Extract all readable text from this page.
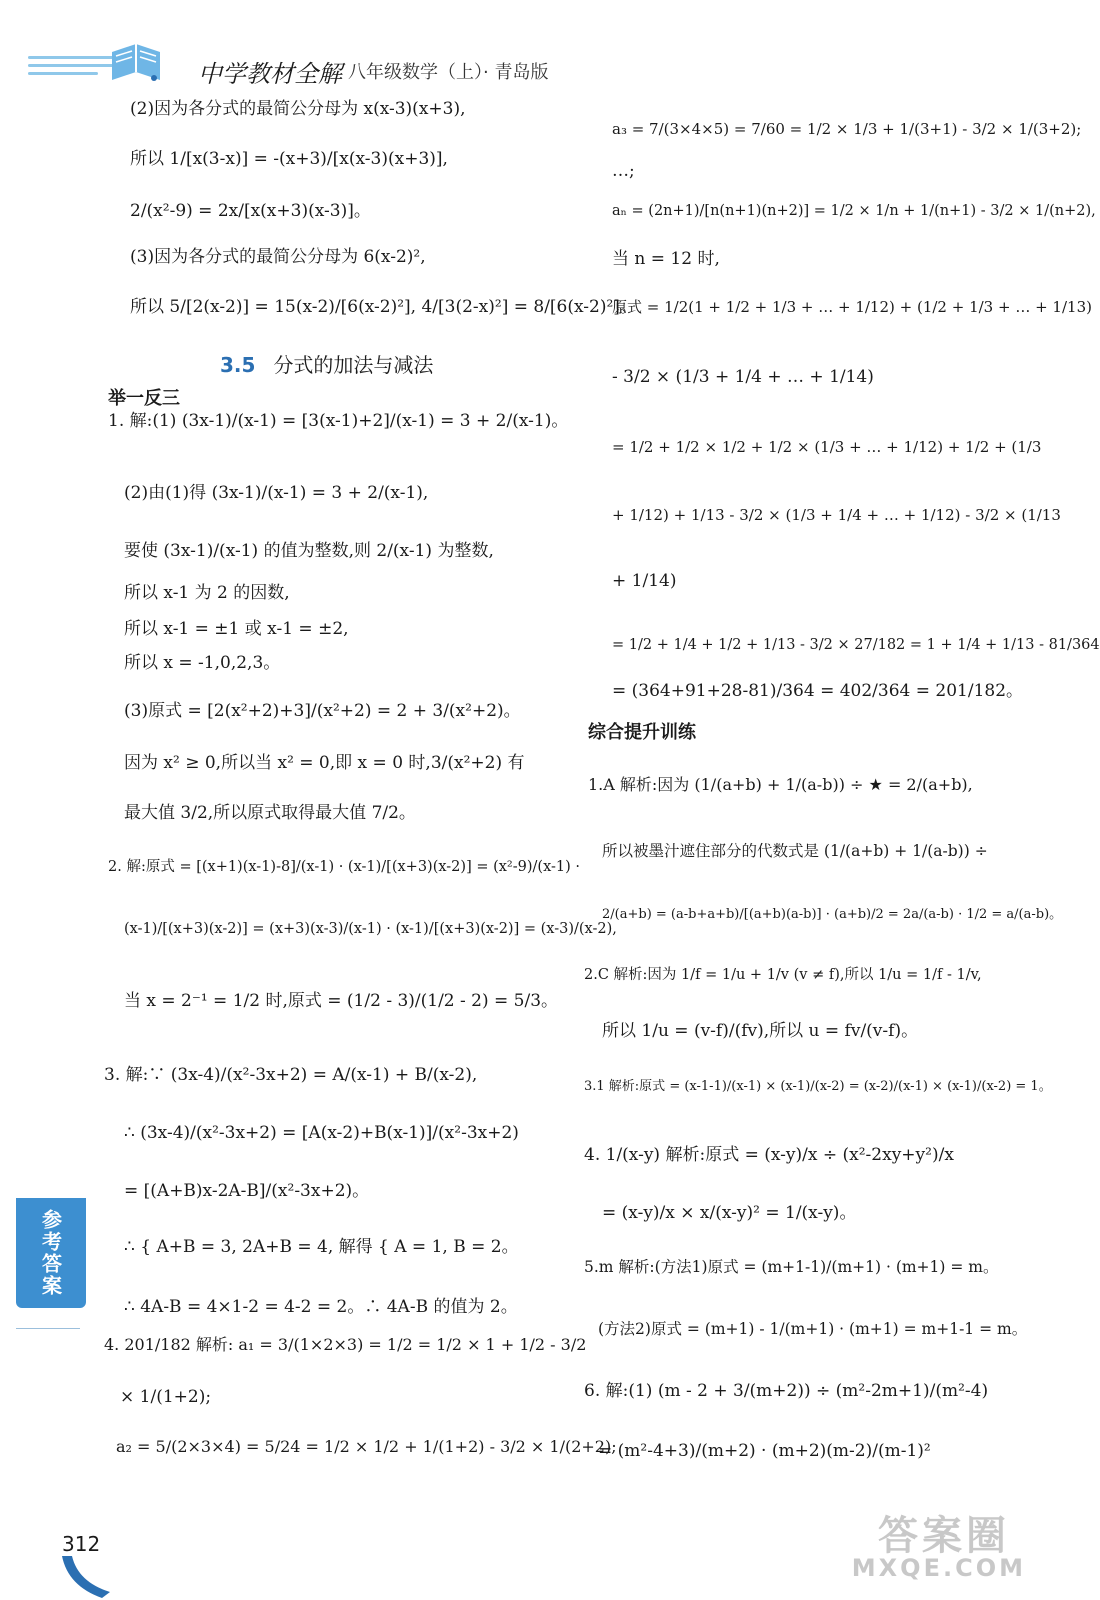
中学教材全解 八年级数学（上）· 青岛版
(2)因为各分式的最简公分母为 x(x-3)(x+3),
所以 1/[x(3-x)] = -(x+3)/[x(x-3)(x+3)],
2/(x²-9) = 2x/[x(x+3)(x-3)]。
(3)因为各分式的最简公分母为 6(x-2)²,
所以 5/[2(x-2)] = 15(x-2)/[6(x-2)²], 4/[3(2-x)²] = 8/[6(x-2)²]。
3.5 分式的加法与减法
举一反三
1. 解:(1) (3x-1)/(x-1) = [3(x-1)+2]/(x-1) = 3 + 2/(x-1)。
(2)由(1)得 (3x-1)/(x-1) = 3 + 2/(x-1),
要使 (3x-1)/(x-1) 的值为整数,则 2/(x-1) 为整数,
所以 x-1 为 2 的因数,
所以 x-1 = ±1 或 x-1 = ±2,
所以 x = -1,0,2,3。
(3)原式 = [2(x²+2)+3]/(x²+2) = 2 + 3/(x²+2)。
因为 x² ≥ 0,所以当 x² = 0,即 x = 0 时,3/(x²+2) 有
最大值 3/2,所以原式取得最大值 7/2。
2. 解:原式 = [(x+1)(x-1)-8]/(x-1) · (x-1)/[(x+3)(x-2)] = (x²-9)/(x-1) ·
(x-1)/[(x+3)(x-2)] = (x+3)(x-3)/(x-1) · (x-1)/[(x+3)(x-2)] = (x-3)/(x-2),
当 x = 2⁻¹ = 1/2 时,原式 = (1/2 - 3)/(1/2 - 2) = 5/3。
3. 解:∵ (3x-4)/(x²-3x+2) = A/(x-1) + B/(x-2),
∴ (3x-4)/(x²-3x+2) = [A(x-2)+B(x-1)]/(x²-3x+2)
= [(A+B)x-2A-B]/(x²-3x+2)。
∴ { A+B = 3, 2A+B = 4, 解得 { A = 1, B = 2。
∴ 4A-B = 4×1-2 = 4-2 = 2。∴ 4A-B 的值为 2。
4. 201/182 解析: a₁ = 3/(1×2×3) = 1/2 = 1/2 × 1 + 1/2 - 3/2
× 1/(1+2);
a₂ = 5/(2×3×4) = 5/24 = 1/2 × 1/2 + 1/(1+2) - 3/2 × 1/(2+2);
a₃ = 7/(3×4×5) = 7/60 = 1/2 × 1/3 + 1/(3+1) - 3/2 × 1/(3+2);
…;
aₙ = (2n+1)/[n(n+1)(n+2)] = 1/2 × 1/n + 1/(n+1) - 3/2 × 1/(n+2),
当 n = 12 时,
原式 = 1/2(1 + 1/2 + 1/3 + … + 1/12) + (1/2 + 1/3 + … + 1/13)
- 3/2 × (1/3 + 1/4 + … + 1/14)
= 1/2 + 1/2 × 1/2 + 1/2 × (1/3 + … + 1/12) + 1/2 + (1/3
+ 1/12) + 1/13 - 3/2 × (1/3 + 1/4 + … + 1/12) - 3/2 × (1/13
+ 1/14)
= 1/2 + 1/4 + 1/2 + 1/13 - 3/2 × 27/182 = 1 + 1/4 + 1/13 - 81/364
= (364+91+28-81)/364 = 402/364 = 201/182。
综合提升训练
1.A 解析:因为 (1/(a+b) + 1/(a-b)) ÷ ★ = 2/(a+b),
所以被墨汁遮住部分的代数式是 (1/(a+b) + 1/(a-b)) ÷
2/(a+b) = (a-b+a+b)/[(a+b)(a-b)] · (a+b)/2 = 2a/(a-b) · 1/2 = a/(a-b)。
2.C 解析:因为 1/f = 1/u + 1/v (v ≠ f),所以 1/u = 1/f - 1/v,
所以 1/u = (v-f)/(fv),所以 u = fv/(v-f)。
3.1 解析:原式 = (x-1-1)/(x-1) × (x-1)/(x-2) = (x-2)/(x-1) × (x-1)/(x-2) = 1。
4. 1/(x-y) 解析:原式 = (x-y)/x ÷ (x²-2xy+y²)/x
= (x-y)/x × x/(x-y)² = 1/(x-y)。
5.m 解析:(方法1)原式 = (m+1-1)/(m+1) · (m+1) = m。
(方法2)原式 = (m+1) - 1/(m+1) · (m+1) = m+1-1 = m。
6. 解:(1) (m - 2 + 3/(m+2)) ÷ (m²-2m+1)/(m²-4)
= (m²-4+3)/(m+2) · (m+2)(m-2)/(m-1)²
参考答案
312	答案圈
MXQE.COM
